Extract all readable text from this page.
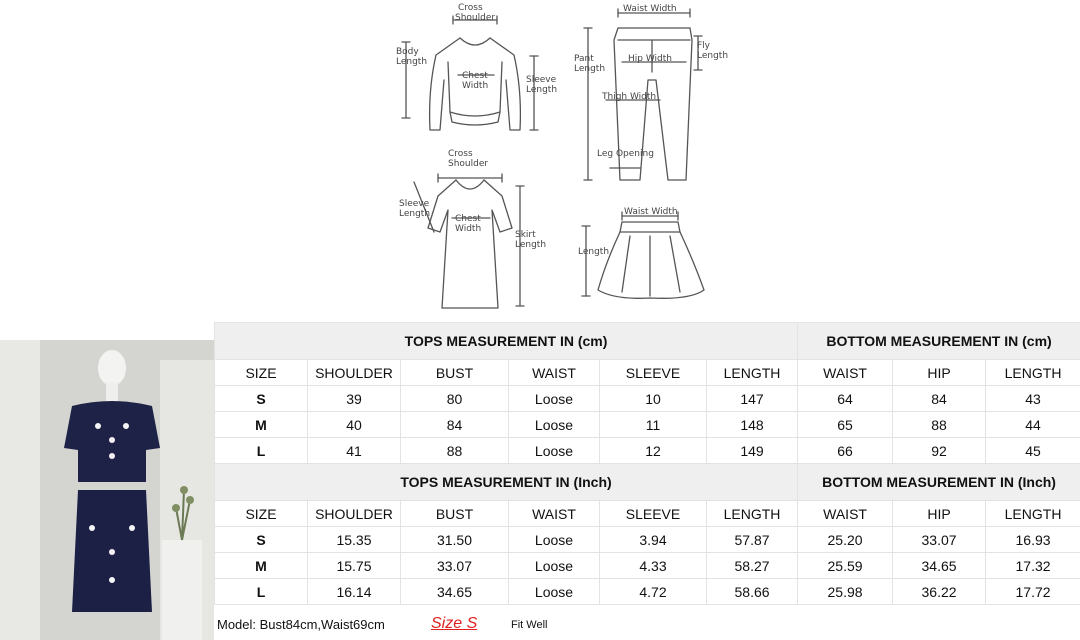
Cross
Shoulder
Body
Length
Chest
Width
Sleeve
Length
Waist Width
Pant
Length
Fly
Length
Hip Width
Thigh Width
Leg Opening
Cross
Shoulder
Sleeve
Length	Chest
Width
Skirt
Length
Waist Width
Length
TOPS MEASUREMENT IN (cm)						BOTTOM MEASUREMENT IN (cm)		
SIZE	SHOULDER	BUST	WAIST	SLEEVE	LENGTH	WAIST	HIP	LENGTH
S	39	80	Loose	10	147	64	84	43
M	40	84	Loose	11	148	65	88	44
L	41	88	Loose	12	149	66	92	45
TOPS MEASUREMENT IN (Inch)						BOTTOM MEASUREMENT IN (Inch)		
SIZE	SHOULDER	BUST	WAIST	SLEEVE	LENGTH	WAIST	HIP	LENGTH
S	15.35	31.50	Loose	3.94	57.87	25.20	33.07	16.93
M	15.75	33.07	Loose	4.33	58.27	25.59	34.65	17.32
L	16.14	34.65	Loose	4.72	58.66	25.98	36.22	17.72
Model: Bust84cm,Waist69cm	Size S	Fit Well
